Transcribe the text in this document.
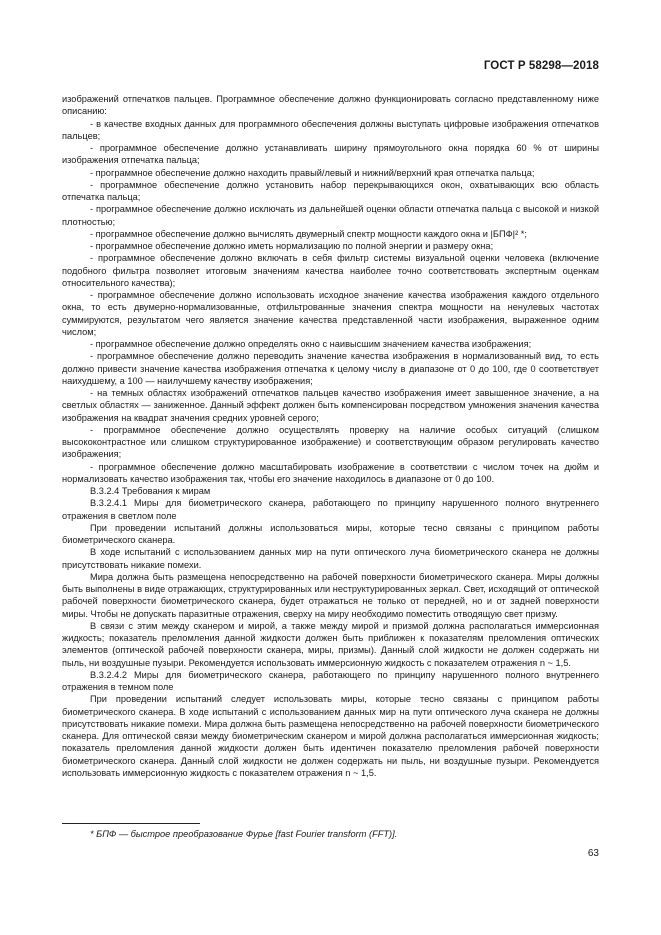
ГОСТ Р 58298—2018

изображений отпечатков пальцев. Программное обеспечение должно функционировать согласно представленному ниже описанию:

- в качестве входных данных для программного обеспечения должны выступать цифровые изображения отпечатков пальцев;

- программное обеспечение должно устанавливать ширину прямоугольного окна порядка 60 % от ширины изображения отпечатка пальца;

- программное обеспечение должно находить правый/левый и нижний/верхний края отпечатка пальца;

- программное обеспечение должно установить набор перекрывающихся окон, охватывающих всю область отпечатка пальца;

- программное обеспечение должно исключать из дальнейшей оценки области отпечатка пальца с высокой и низкой плотностью;

- программное обеспечение должно вычислять двумерный спектр мощности каждого окна и |БПФ|² *;

- программное обеспечение должно иметь нормализацию по полной энергии и размеру окна;

- программное обеспечение должно включать в себя фильтр системы визуальной оценки человека (включение подобного фильтра позволяет итоговым значениям качества наиболее точно соответствовать экспертным оценкам относительного качества);

- программное обеспечение должно использовать исходное значение качества изображения каждого отдельного окна, то есть двумерно-нормализованные, отфильтрованные значения спектра мощности на ненулевых частотах суммируются, результатом чего является значение качества представленной части изображения, выраженное одним числом;

- программное обеспечение должно определять окно с наивысшим значением качества изображения;

- программное обеспечение должно переводить значение качества изображения в нормализованный вид, то есть должно привести значение качества изображения отпечатка к целому числу в диапазоне от 0 до 100, где 0 соответствует наихудшему, а 100 — наилучшему качеству изображения;

- на темных областях изображений отпечатков пальцев качество изображения имеет завышенное значение, а на светлых областях — заниженное. Данный эффект должен быть компенсирован посредством умножения значения качества изображения на квадрат значения средних уровней серого;

- программное обеспечение должно осуществлять проверку на наличие особых ситуаций (слишком высококонтрастное или слишком структурированное изображение) и соответствующим образом регулировать качество изображения;

- программное обеспечение должно масштабировать изображение в соответствии с числом точек на дюйм и нормализовать качество изображения так, чтобы его значение находилось в диапазоне от 0 до 100.

В.3.2.4 Требования к мирам

В.3.2.4.1 Миры для биометрического сканера, работающего по принципу нарушенного полного внутреннего отражения в светлом поле

При проведении испытаний должны использоваться миры, которые тесно связаны с принципом работы биометрического сканера.

В ходе испытаний с использованием данных мир на пути оптического луча биометрического сканера не должны присутствовать никакие помехи.

Мира должна быть размещена непосредственно на рабочей поверхности биометрического сканера. Миры должны быть выполнены в виде отражающих, структурированных или неструктурированных зеркал. Свет, исходящий от оптической рабочей поверхности биометрического сканера, будет отражаться не только от передней, но и от задней поверхности миры. Чтобы не допускать паразитные отражения, сверху на миру необходимо поместить отводящую свет призму.

В связи с этим между сканером и мирой, а также между мирой и призмой должна располагаться иммерсионная жидкость; показатель преломления данной жидкости должен быть приближен к показателям преломления оптических элементов (оптической рабочей поверхности сканера, миры, призмы). Данный слой жидкости не должен содержать ни пыль, ни воздушные пузыри. Рекомендуется использовать иммерсионную жидкость с показателем отражения n ~ 1,5.

В.3.2.4.2 Миры для биометрического сканера, работающего по принципу нарушенного полного внутреннего отражения в темном поле

При проведении испытаний следует использовать миры, которые тесно связаны с принципом работы биометрического сканера. В ходе испытаний с использованием данных мир на пути оптического луча сканера не должны присутствовать никакие помехи. Мира должна быть размещена непосредственно на рабочей поверхности биометрического сканера. Для оптической связи между биометрическим сканером и мирой должна располагаться иммерсионная жидкость; показатель преломления данной жидкости должен быть идентичен показателю преломления рабочей поверхности биометрического сканера. Данный слой жидкости не должен содержать ни пыль, ни воздушные пузыри. Рекомендуется использовать иммерсионную жидкость с показателем отражения n ~ 1,5.

* БПФ — быстрое преобразование Фурье [fast Fourier transform (FFT)].
63
